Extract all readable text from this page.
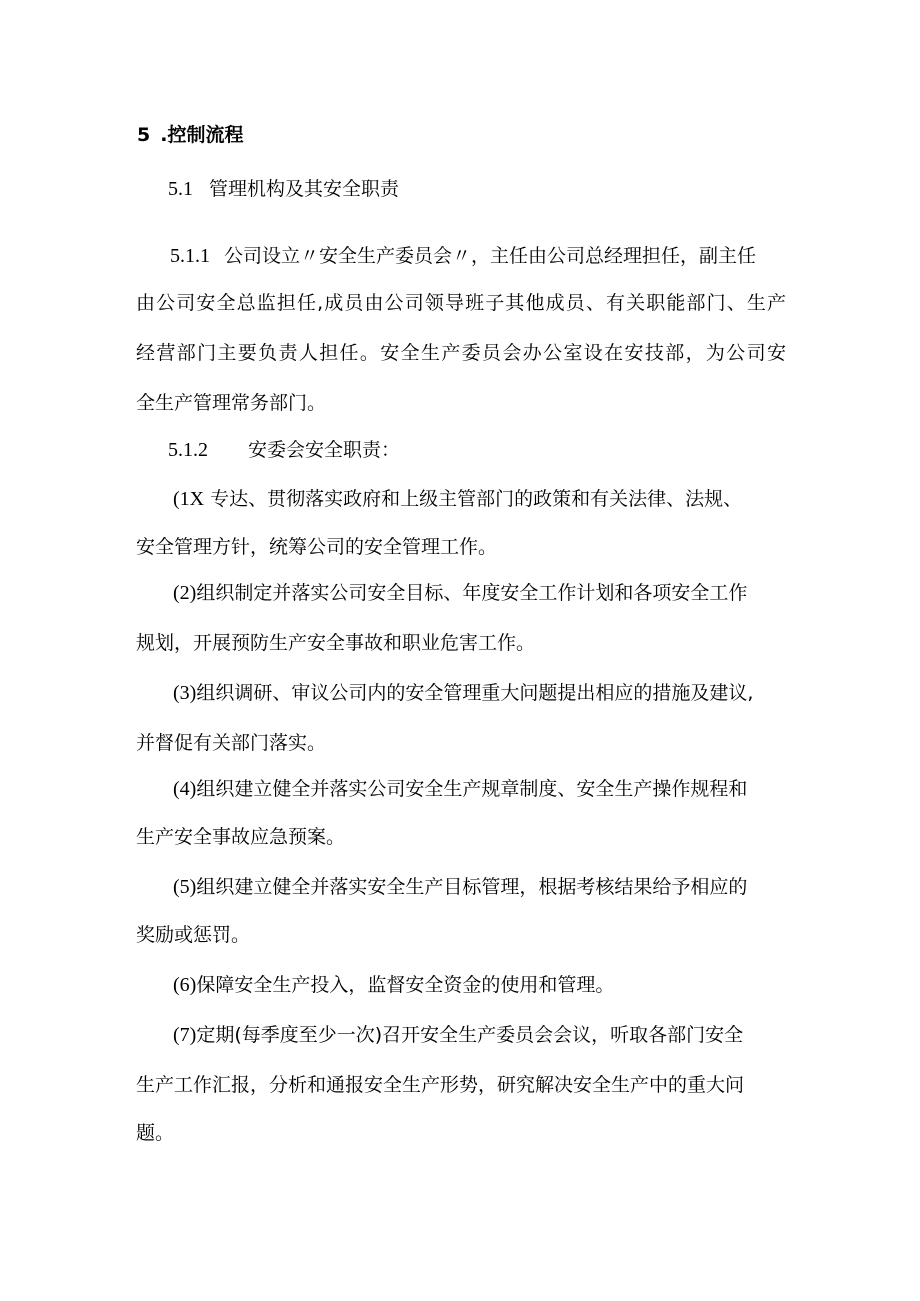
5 .控制流程
5.1 管理机构及其安全职责
5.1.1 公司设立〃安全生产委员会〃，主任由公司总经理担任，副主任
由公司安全总监担任,成员由公司领导班子其他成员、有关职能部门、生产
经营部门主要负责人担任。安全生产委员会办公室设在安技部，为公司安
全生产管理常务部门。
5.1.2 安委会安全职责：
(1X 专达、贯彻落实政府和上级主管部门的政策和有关法律、法规、
安全管理方针，统筹公司的安全管理工作。
(2)组织制定并落实公司安全目标、年度安全工作计划和各项安全工作
规划，开展预防生产安全事故和职业危害工作。
(3)组织调研、审议公司内的安全管理重大问题提出相应的措施及建议,
并督促有关部门落实。
(4)组织建立健全并落实公司安全生产规章制度、安全生产操作规程和
生产安全事故应急预案。
(5)组织建立健全并落实安全生产目标管理，根据考核结果给予相应的
奖励或惩罚。
(6)保障安全生产投入，监督安全资金的使用和管理。
(7)定期(每季度至少一次)召开安全生产委员会会议，听取各部门安全
生产工作汇报，分析和通报安全生产形势，研究解决安全生产中的重大问
题。
